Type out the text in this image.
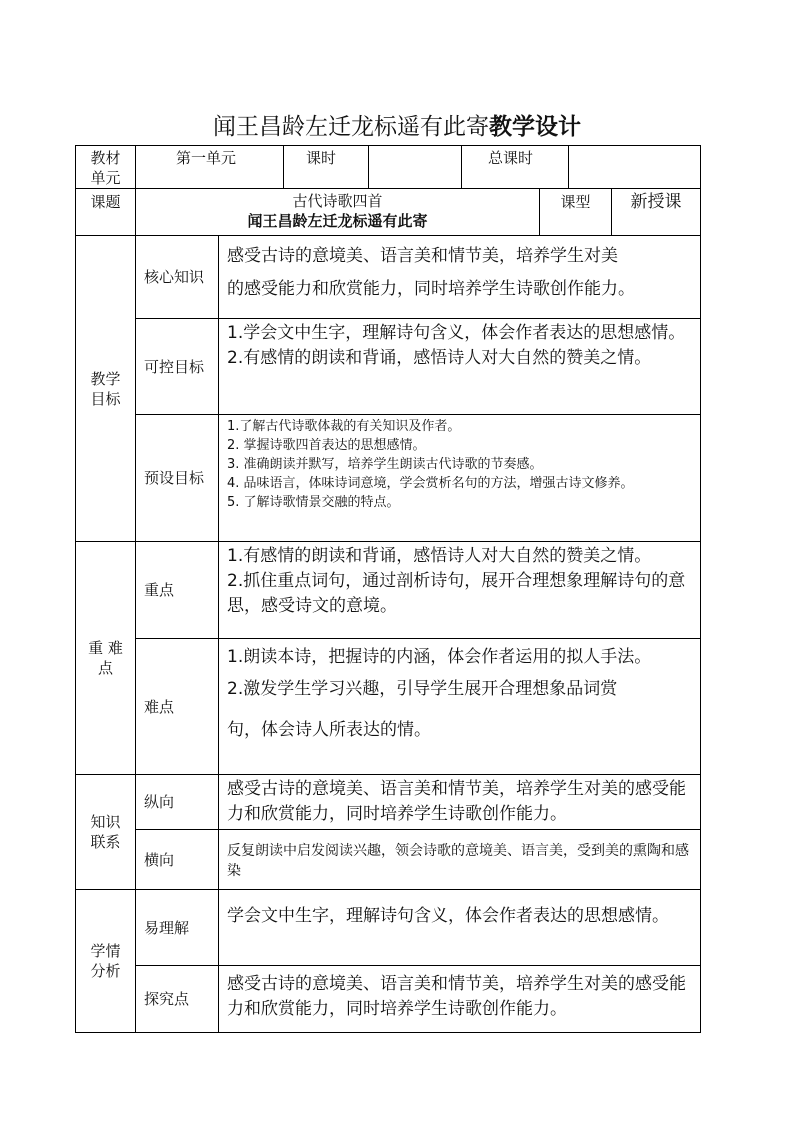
闻王昌龄左迁龙标遥有此寄教学设计
教材单元	第一单元		课时		总课时			
课题	古代诗歌四首
闻王昌龄左迁龙标遥有此寄					课型		新授课
教学目标	核心知识	感受古诗的意境美、语言美和情节美，培养学生对美
的感受能力和欣赏能力，同时培养学生诗歌创作能力。						

	可控目标	1.学会文中生字，理解诗句含义，体会作者表达的思想感情。
2.有感情的朗读和背诵，感悟诗人对大自然的赞美之情。						

	预设目标	1.了解古代诗歌体裁的有关知识及作者。
2. 掌握诗歌四首表达的思想感情。
3. 准确朗读并默写，培养学生朗读古代诗歌的节奏感。
4. 品味语言，体味诗词意境，学会赏析名句的方法，增强古诗文修养。
5. 了解诗歌情景交融的特点。						

重 难 点	重点	1.有感情的朗读和背诵，感悟诗人对大自然的赞美之情。
2.抓住重点词句，通过剖析诗句，展开合理想象理解诗句的意思，感受诗文的意境。						

	难点	1.朗读本诗，把握诗的内涵，体会作者运用的拟人手法。
2.激发学生学习兴趣，引导学生展开合理想象品词赏
句，体会诗人所表达的情。						

知识联系	纵向	感受古诗的意境美、语言美和情节美，培养学生对美的感受能力和欣赏能力，同时培养学生诗歌创作能力。						
	横向	反复朗读中启发阅读兴趣，领会诗歌的意境美、语言美，受到美的熏陶和感染						
学情分析	易理解	学会文中生字，理解诗句含义，体会作者表达的思想感情。						
	探究点	感受古诗的意境美、语言美和情节美，培养学生对美的感受能力和欣赏能力，同时培养学生诗歌创作能力。						
